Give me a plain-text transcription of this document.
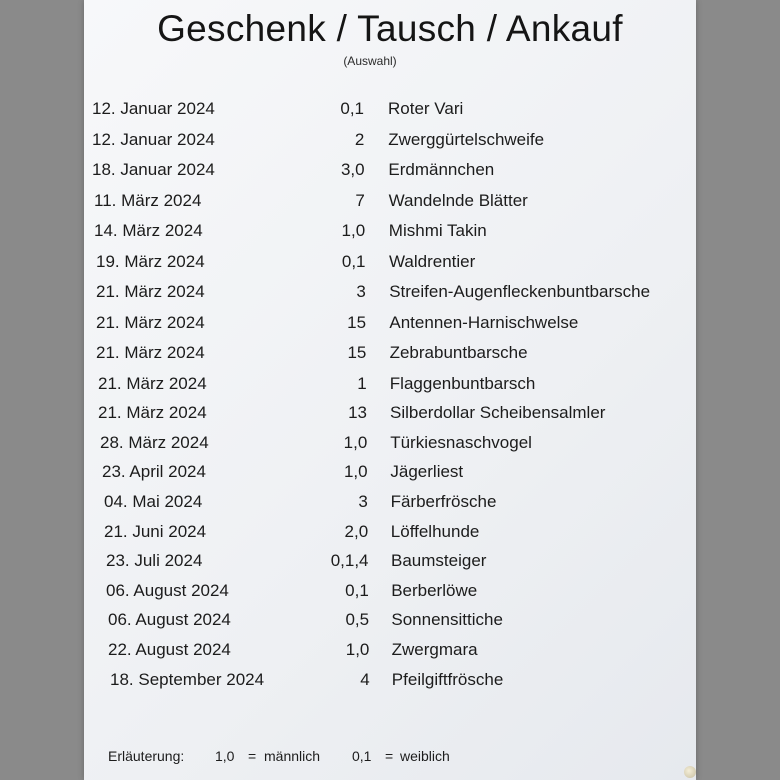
Geschenk / Tausch / Ankauf
(Auswahl)
12. Januar 2024	0,1 Roter Vari
12. Januar 2024	2 Zwerggürtelschweife
18. Januar 2024	3,0 Erdmännchen
11. März 2024	7 Wandelnde Blätter
14. März 2024	1,0 Mishmi Takin
19. März 2024	0,1 Waldrentier
21. März 2024	3 Streifen-Augenfleckenbuntbarsche
21. März 2024	15 Antennen-Harnischwelse
21. März 2024	15 Zebrabuntbarsche
21. März 2024	1 Flaggenbuntbarsch
21. März 2024	13 Silberdollar Scheibensalmler
28. März 2024	1,0 Türkiesnaschvogel
23. April 2024	1,0 Jägerliest
04. Mai 2024	3 Färberfrösche
21. Juni 2024	2,0 Löffelhunde
23. Juli 2024	0,1,4 Baumsteiger
06. August 2024	0,1 Berberlöwe
06. August 2024	0,5 Sonnensittiche
22. August 2024	1,0 Zwergmara
18. September 2024	4 Pfeilgiftfrösche
Erläuterung: 1,0 = männlich 0,1 = weiblich
